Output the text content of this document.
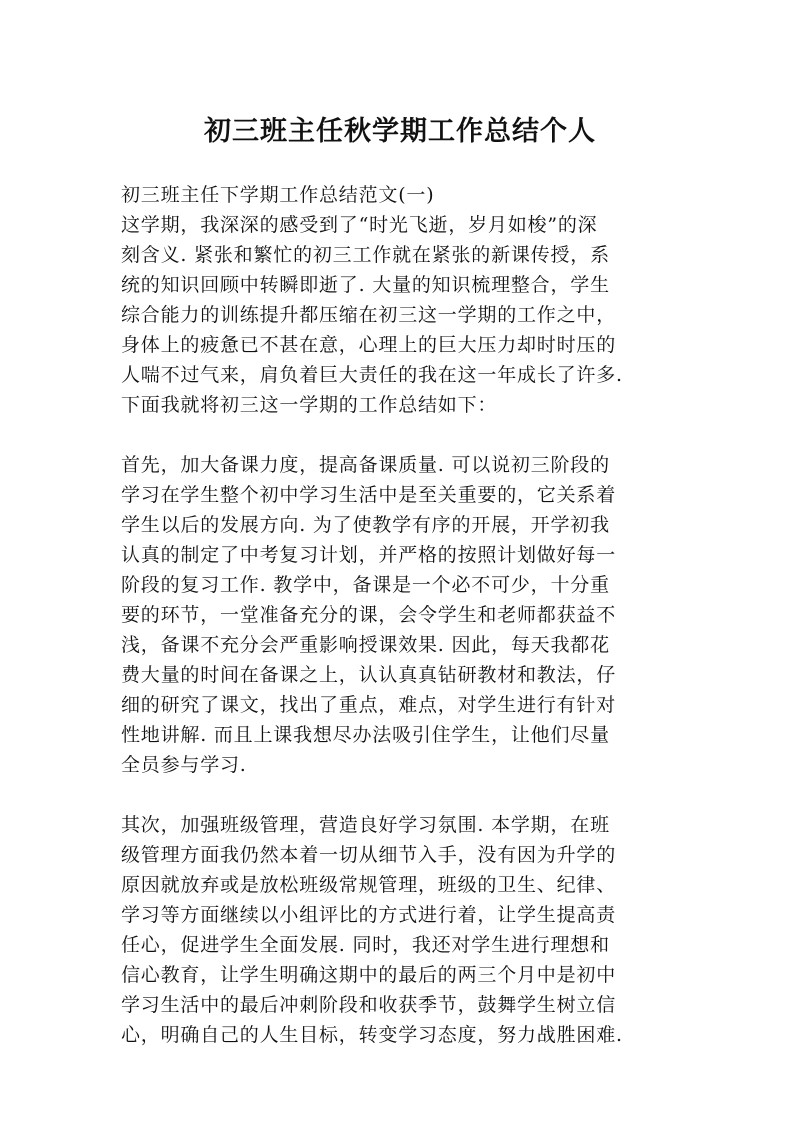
初三班主任秋学期工作总结个人
初三班主任下学期工作总结范文(一)
这学期，我深深的感受到了“时光飞逝，岁月如梭”的深
刻含义. 紧张和繁忙的初三工作就在紧张的新课传授，系
统的知识回顾中转瞬即逝了. 大量的知识梳理整合，学生
综合能力的训练提升都压缩在初三这一学期的工作之中，
身体上的疲惫已不甚在意，心理上的巨大压力却时时压的
人喘不过气来，肩负着巨大责任的我在这一年成长了许多.
下面我就将初三这一学期的工作总结如下：
首先，加大备课力度，提高备课质量. 可以说初三阶段的
学习在学生整个初中学习生活中是至关重要的，它关系着
学生以后的发展方向. 为了使教学有序的开展，开学初我
认真的制定了中考复习计划，并严格的按照计划做好每一
阶段的复习工作. 教学中，备课是一个必不可少，十分重
要的环节，一堂准备充分的课，会令学生和老师都获益不
浅，备课不充分会严重影响授课效果. 因此，每天我都花
费大量的时间在备课之上，认认真真钻研教材和教法，仔
细的研究了课文，找出了重点，难点，对学生进行有针对
性地讲解. 而且上课我想尽办法吸引住学生，让他们尽量
全员参与学习.
其次，加强班级管理，营造良好学习氛围. 本学期，在班
级管理方面我仍然本着一切从细节入手，没有因为升学的
原因就放弃或是放松班级常规管理，班级的卫生、纪律、
学习等方面继续以小组评比的方式进行着，让学生提高责
任心，促进学生全面发展. 同时，我还对学生进行理想和
信心教育，让学生明确这期中的最后的两三个月中是初中
学习生活中的最后冲刺阶段和收获季节，鼓舞学生树立信
心，明确自己的人生目标，转变学习态度，努力战胜困难.
